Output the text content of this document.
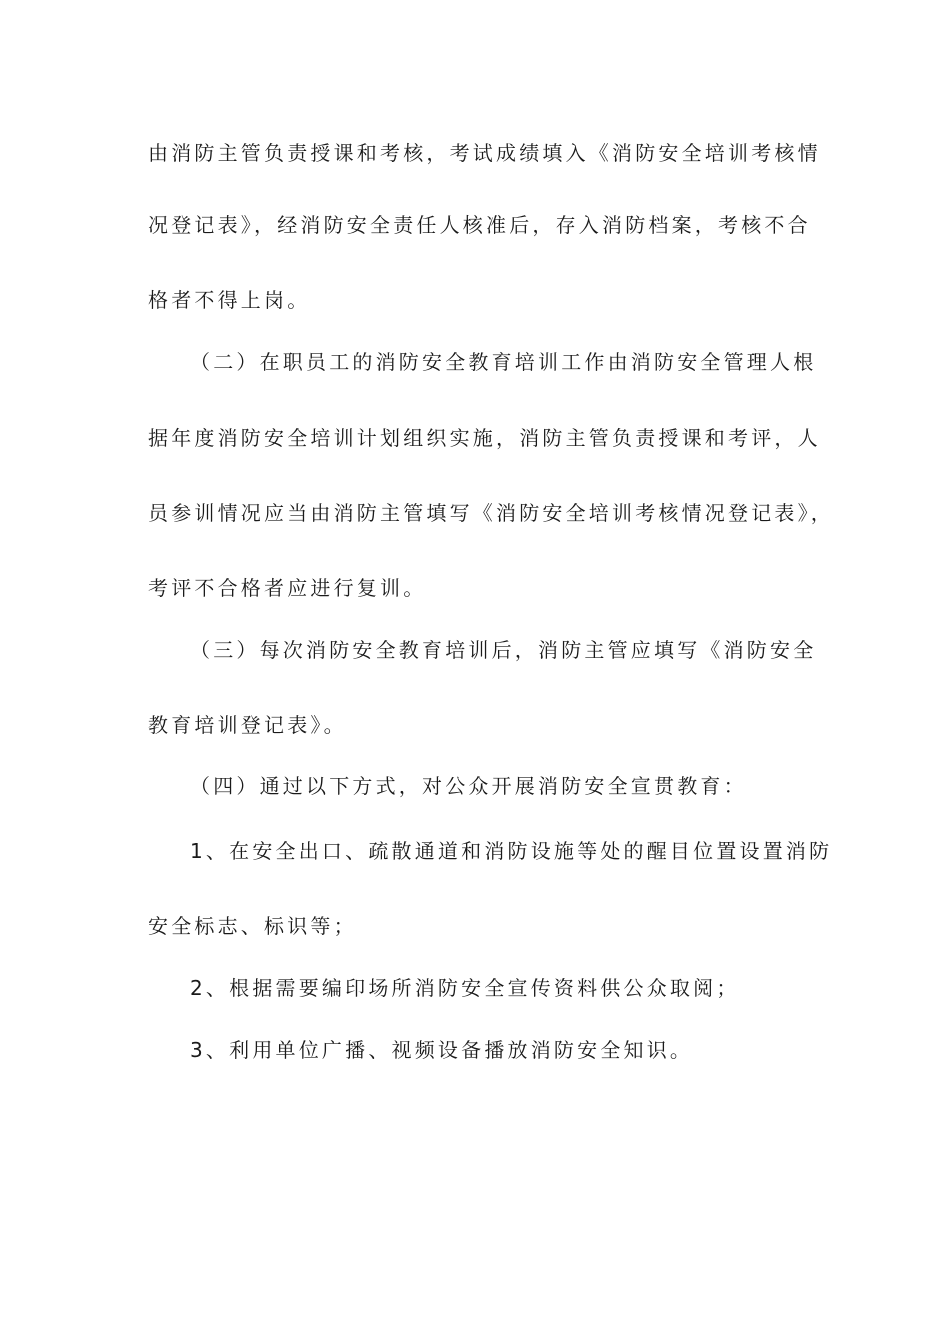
由消防主管负责授课和考核，考试成绩填入《消防安全培训考核情
况登记表》，经消防安全责任人核准后，存入消防档案，考核不合
格者不得上岗。
（二）在职员工的消防安全教育培训工作由消防安全管理人根
据年度消防安全培训计划组织实施，消防主管负责授课和考评，人
员参训情况应当由消防主管填写《消防安全培训考核情况登记表》，
考评不合格者应进行复训。
（三）每次消防安全教育培训后，消防主管应填写《消防安全
教育培训登记表》。
（四）通过以下方式，对公众开展消防安全宣贯教育：
1、在安全出口、疏散通道和消防设施等处的醒目位置设置消防
安全标志、标识等；
2、根据需要编印场所消防安全宣传资料供公众取阅；
3、利用单位广播、视频设备播放消防安全知识。
